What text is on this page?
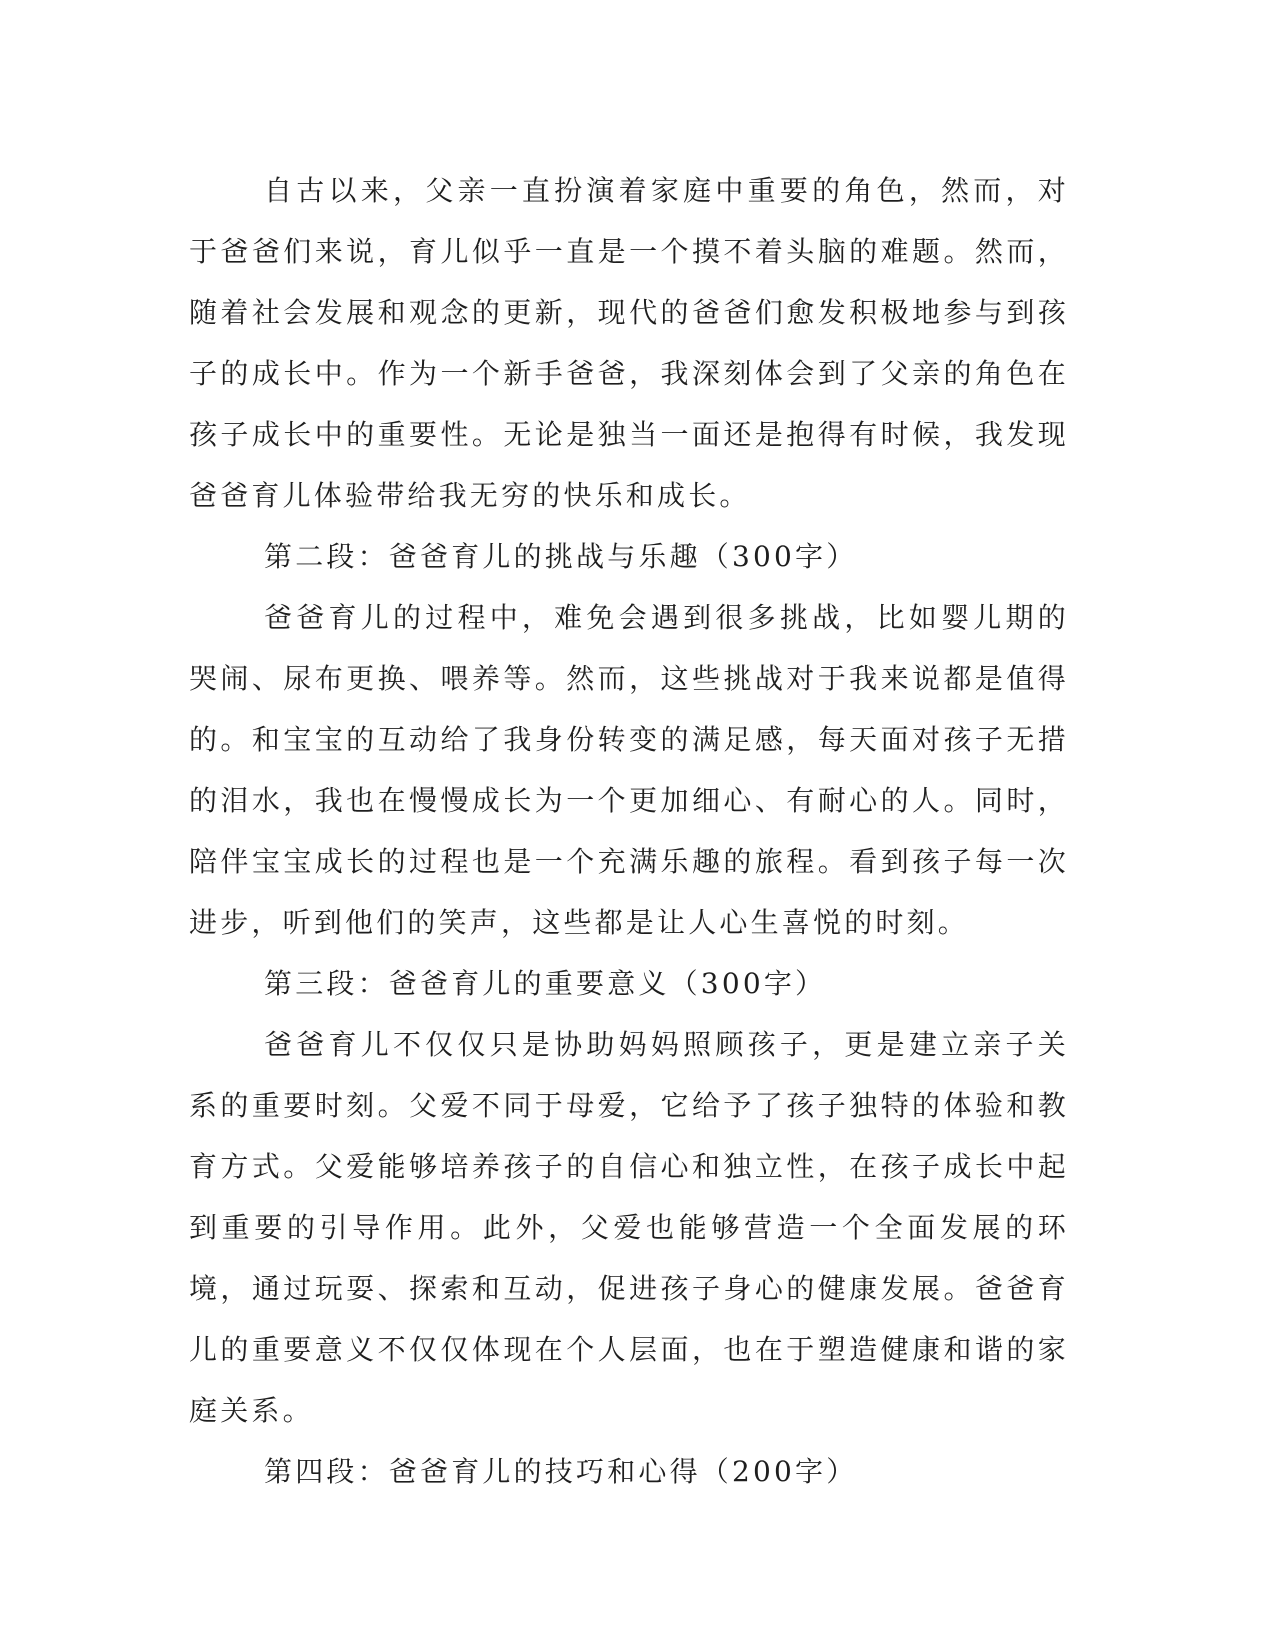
自古以来，父亲一直扮演着家庭中重要的角色，然而，对于爸爸们来说，育儿似乎一直是一个摸不着头脑的难题。然而，随着社会发展和观念的更新，现代的爸爸们愈发积极地参与到孩子的成长中。作为一个新手爸爸，我深刻体会到了父亲的角色在孩子成长中的重要性。无论是独当一面还是抱得有时候，我发现爸爸育儿体验带给我无穷的快乐和成长。

第二段：爸爸育儿的挑战与乐趣（300字）

爸爸育儿的过程中，难免会遇到很多挑战，比如婴儿期的哭闹、尿布更换、喂养等。然而，这些挑战对于我来说都是值得的。和宝宝的互动给了我身份转变的满足感，每天面对孩子无措的泪水，我也在慢慢成长为一个更加细心、有耐心的人。同时，陪伴宝宝成长的过程也是一个充满乐趣的旅程。看到孩子每一次进步，听到他们的笑声，这些都是让人心生喜悦的时刻。

第三段：爸爸育儿的重要意义（300字）

爸爸育儿不仅仅只是协助妈妈照顾孩子，更是建立亲子关系的重要时刻。父爱不同于母爱，它给予了孩子独特的体验和教育方式。父爱能够培养孩子的自信心和独立性，在孩子成长中起到重要的引导作用。此外，父爱也能够营造一个全面发展的环境，通过玩耍、探索和互动，促进孩子身心的健康发展。爸爸育儿的重要意义不仅仅体现在个人层面，也在于塑造健康和谐的家庭关系。

第四段：爸爸育儿的技巧和心得（200字）
